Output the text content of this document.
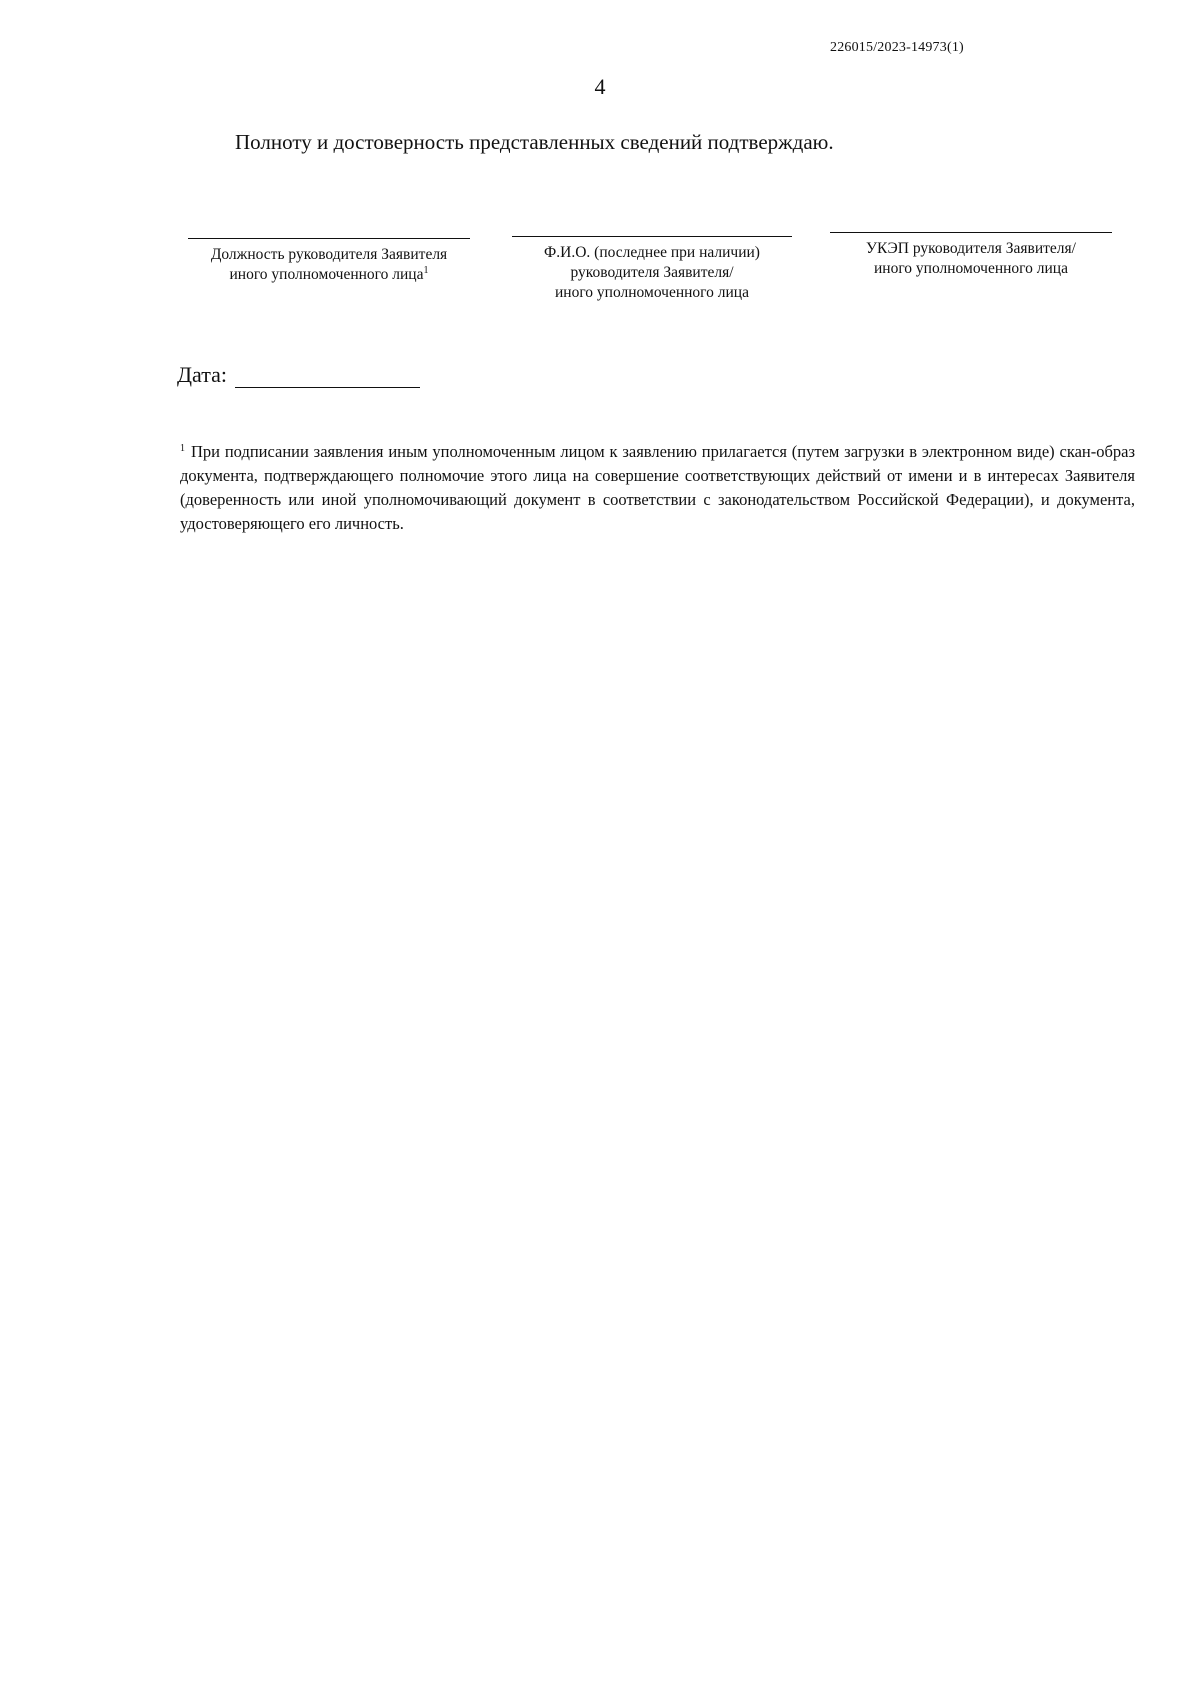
226015/2023-14973(1)
4
Полноту и достоверность представленных сведений подтверждаю.
Должность руководителя Заявителя
иного уполномоченного лица$^1$
Ф.И.О. (последнее при наличии)
руководителя Заявителя/
иного уполномоченного лица
УКЭП руководителя Заявителя/
иного уполномоченного лица
Дата:
$^1$ При подписании заявления иным уполномоченным лицом к заявлению прилагается (путем загрузки в электронном виде) скан-образ документа, подтверждающего полномочие этого лица на совершение соответствующих действий от имени и в интересах Заявителя (доверенность или иной уполномочивающий документ в соответствии с законодательством Российской Федерации), и документа, удостоверяющего его личность.
